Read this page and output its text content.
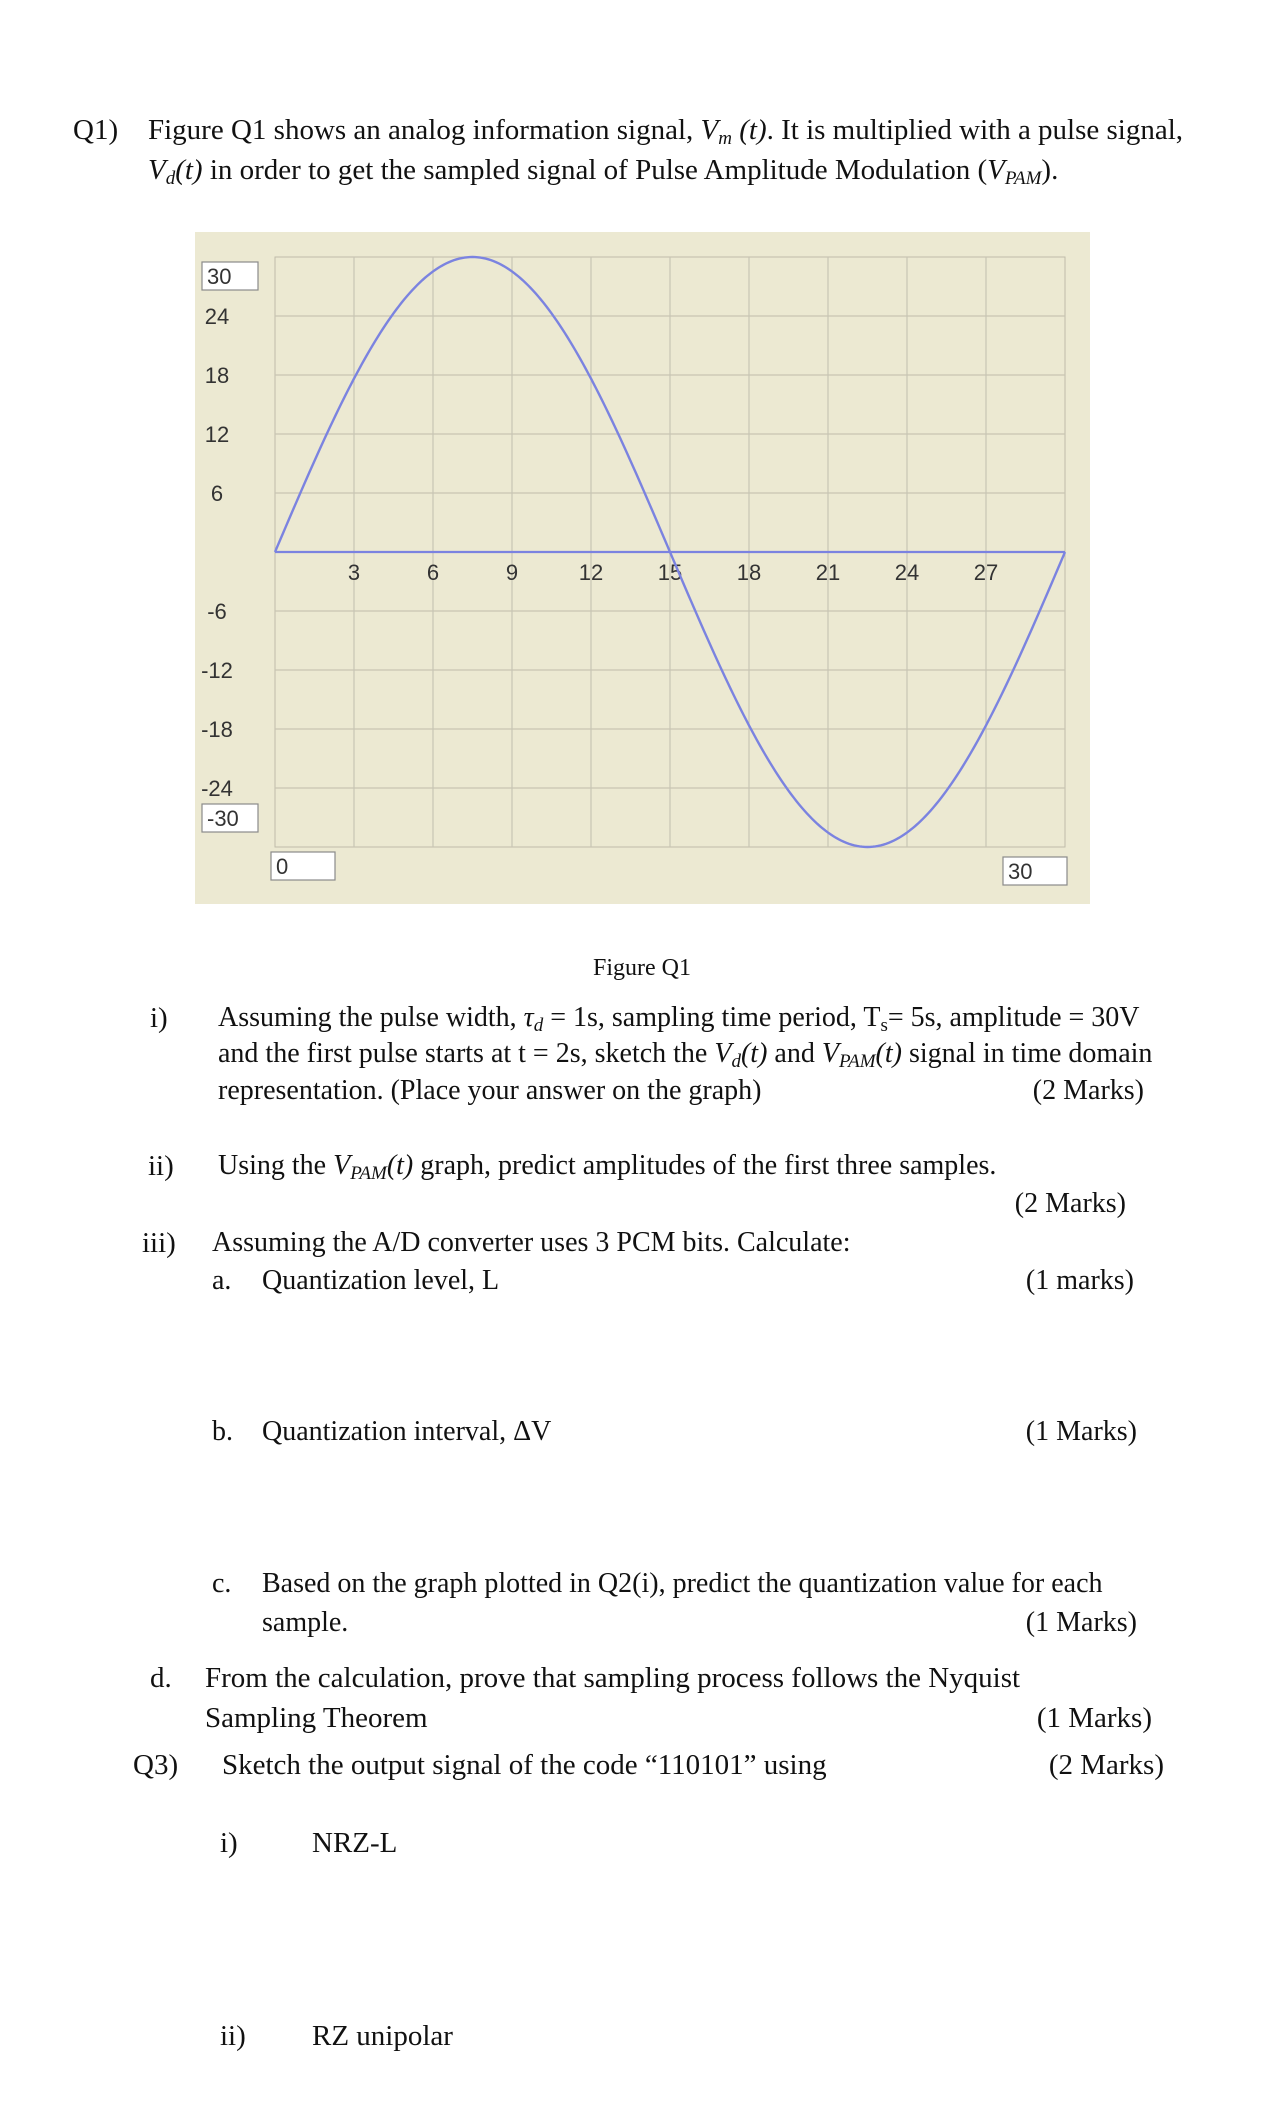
Q1) Figure Q1 shows an analog information signal, $V_m$ (t). It is multiplied with a pulse signal,
$V_d(t)$ in order to get the sampled signal of Pulse Amplitude Modulation $(V_{PAM})$.
3	6	9	12 15 18 21 24 27
24
18
12
6
-6
-12
-18
-24
30
-30
0	30
Figure Q1
i) Assuming the pulse width, $\tau_d = 1s$, sampling time period, $T_s= 5s$, amplitude = 30V
and the first pulse starts at t = 2s, sketch the $V_d(t)$ and $V_{PAM}(t)$ signal in time domain
representation. (Place your answer on the graph)	(2 Marks)
ii) Using the $V_{PAM}(t)$ graph, predict amplitudes of the first three samples.
(2 Marks)
iii) Assuming the A/D converter uses 3 PCM bits. Calculate:
a. Quantization level, L	(1 marks)
b. Quantization interval, ΔV	(1 Marks)
c. Based on the graph plotted in Q2(i), predict the quantization value for each
sample.	(1 Marks)
d. From the calculation, prove that sampling process follows the Nyquist
Sampling Theorem	(1 Marks)
Q3) Sketch the output signal of the code “110101” using	(2 Marks)
i)	NRZ-L
ii) RZ unipolar
